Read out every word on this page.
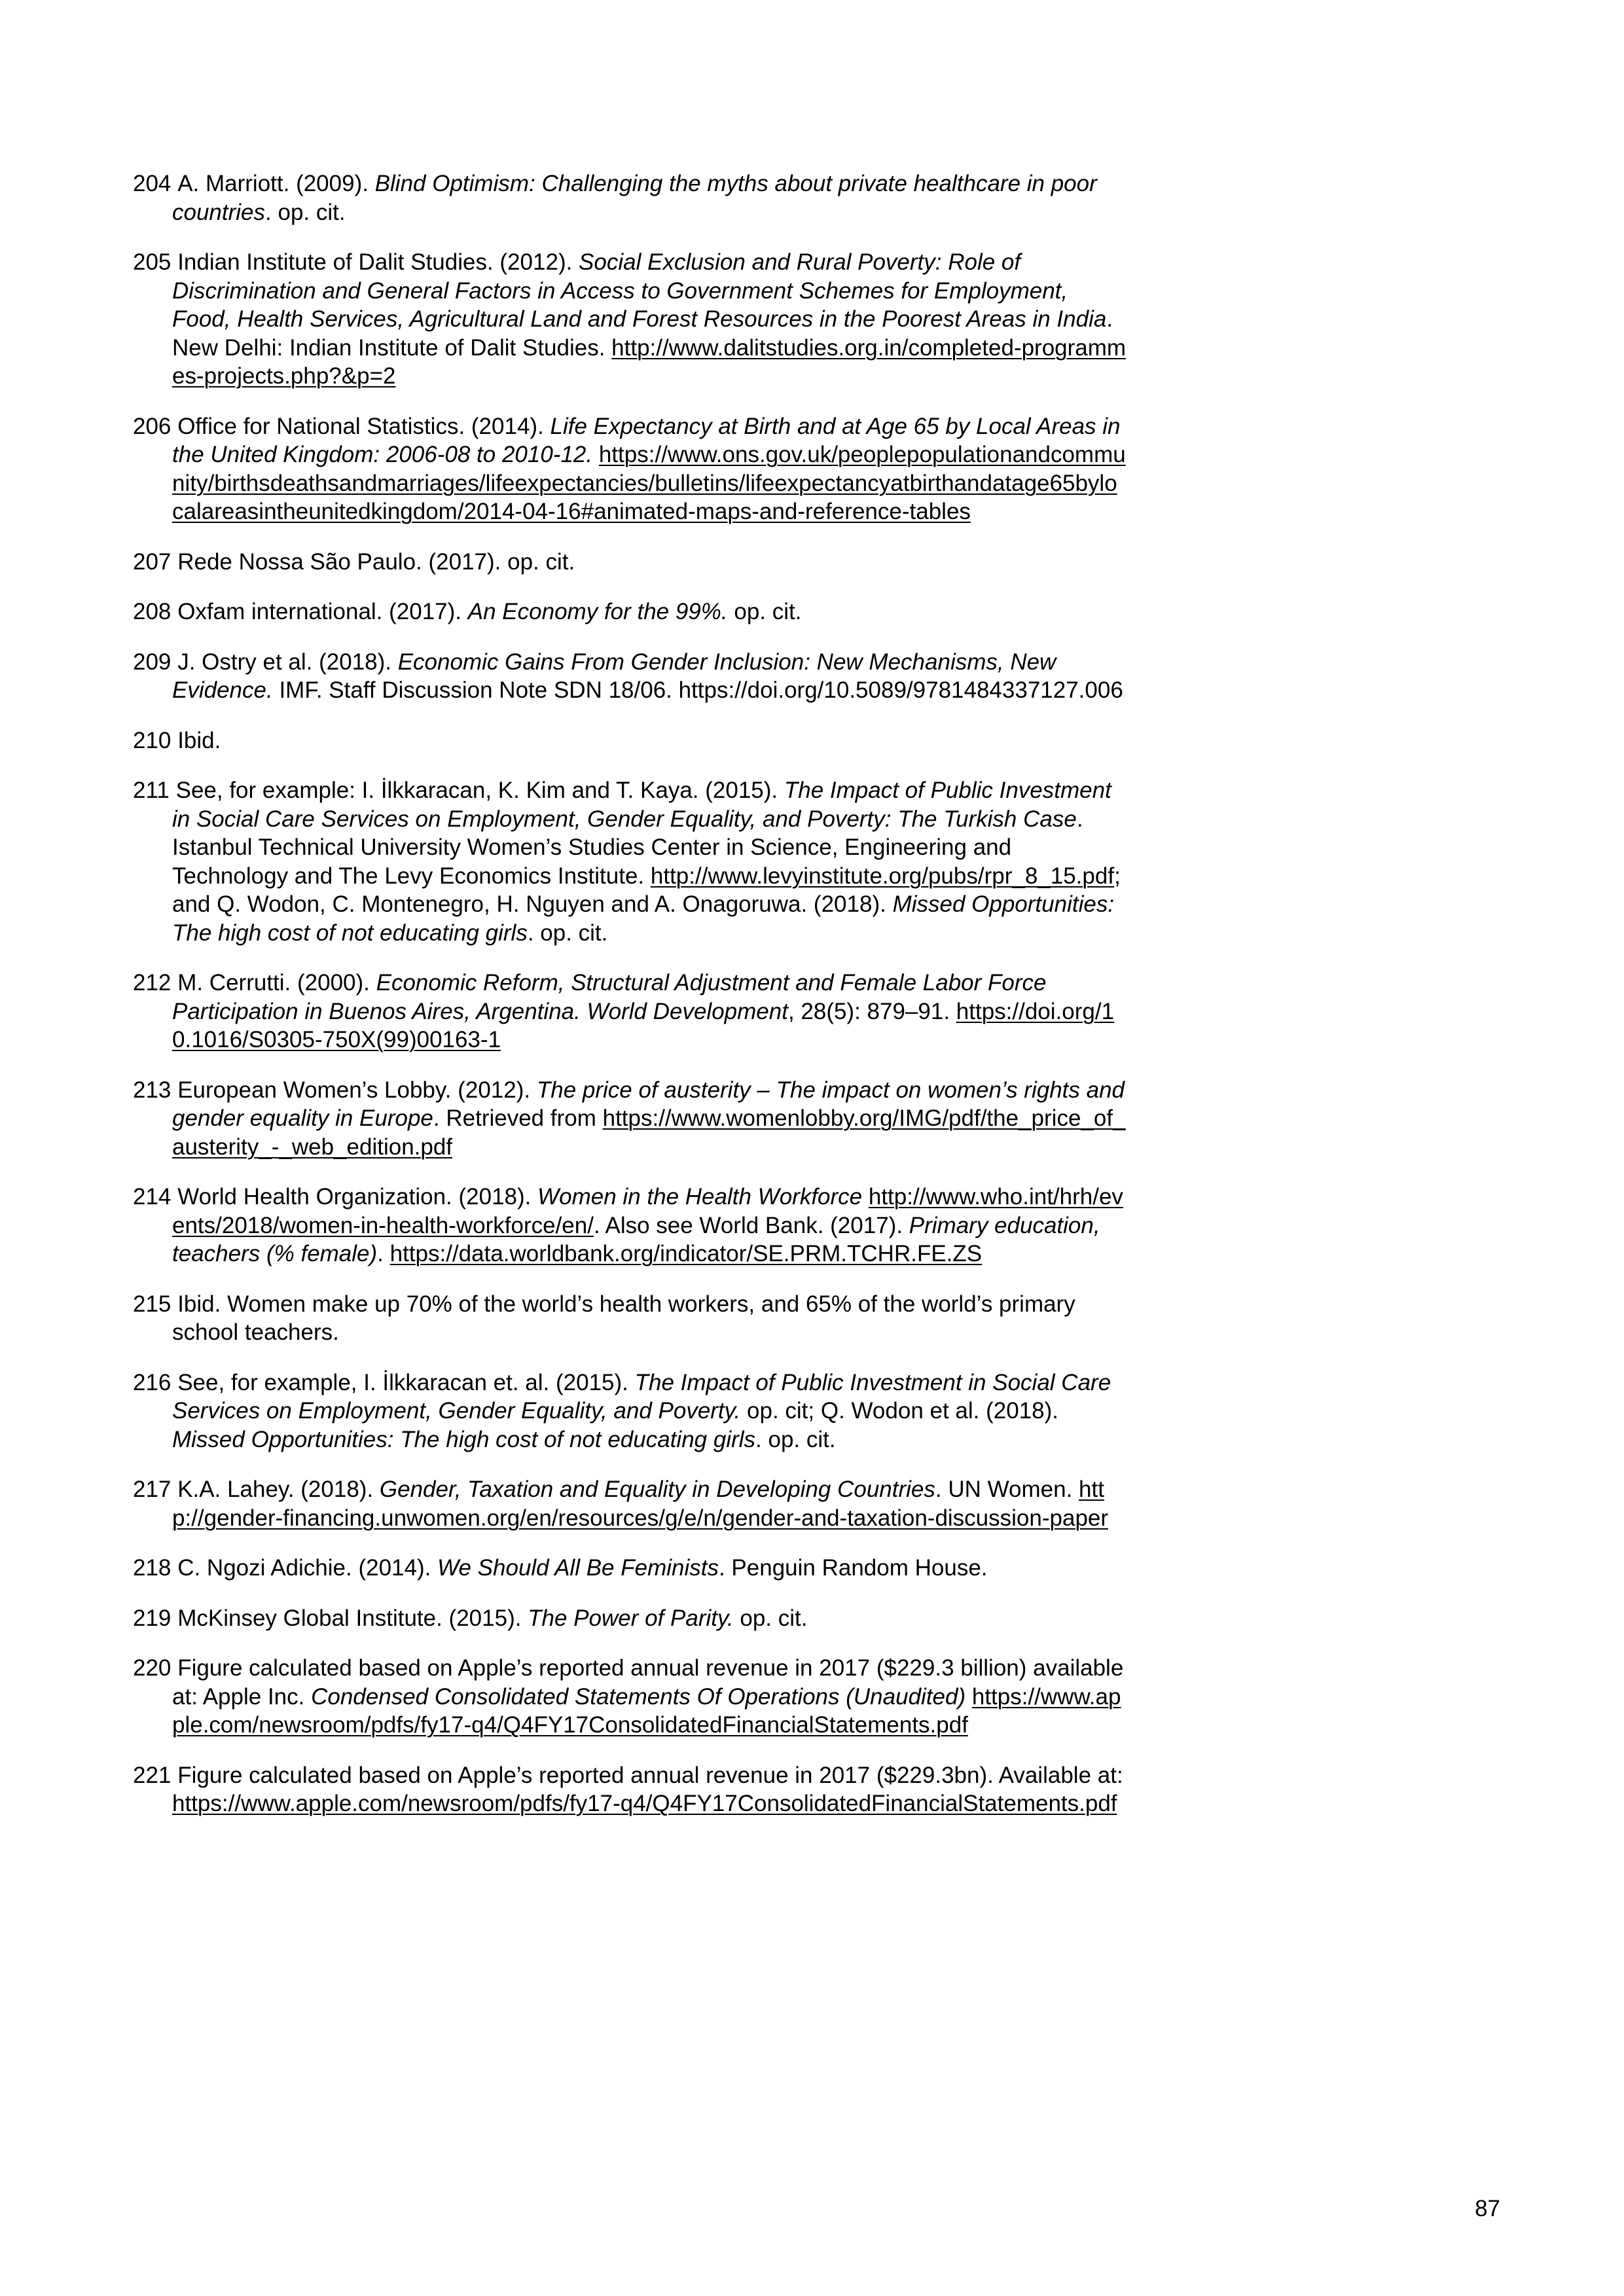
204 A. Marriott. (2009). Blind Optimism: Challenging the myths about private healthcare in poor countries. op. cit.

205 Indian Institute of Dalit Studies. (2012). Social Exclusion and Rural Poverty: Role of Discrimination and General Factors in Access to Government Schemes for Employment, Food, Health Services, Agricultural Land and Forest Resources in the Poorest Areas in India. New Delhi: Indian Institute of Dalit Studies. http://www.dalitstudies.org.in/completed-programmes-projects.php?&p=2

206 Office for National Statistics. (2014). Life Expectancy at Birth and at Age 65 by Local Areas in the United Kingdom: 2006-08 to 2010-12. https://www.ons.gov.uk/peoplepopulationandcommunity/birthsdeathsandmarriages/lifeexpectancies/bulletins/lifeexpectancyatbirthandatage65bylocalareasintheunitedkingdom/2014-04-16#animated-maps-and-reference-tables

207 Rede Nossa São Paulo. (2017). op. cit.

208 Oxfam international. (2017). An Economy for the 99%. op. cit.

209 J. Ostry et al. (2018). Economic Gains From Gender Inclusion: New Mechanisms, New Evidence. IMF. Staff Discussion Note SDN 18/06. https://doi.org/10.5089/9781484337127.006

210 Ibid.

211 See, for example: I. İlkkaracan, K. Kim and T. Kaya. (2015). The Impact of Public Investment in Social Care Services on Employment, Gender Equality, and Poverty: The Turkish Case. Istanbul Technical University Women’s Studies Center in Science, Engineering and Technology and The Levy Economics Institute. http://www.levyinstitute.org/pubs/rpr_8_15.pdf; and Q. Wodon, C. Montenegro, H. Nguyen and A. Onagoruwa. (2018). Missed Opportunities: The high cost of not educating girls. op. cit.

212 M. Cerrutti. (2000). Economic Reform, Structural Adjustment and Female Labor Force Participation in Buenos Aires, Argentina. World Development, 28(5): 879–91. https://doi.org/10.1016/S0305-750X(99)00163-1

213 European Women’s Lobby. (2012). The price of austerity – The impact on women’s rights and gender equality in Europe. Retrieved from https://www.womenlobby.org/IMG/pdf/the_price_of_austerity_-_web_edition.pdf

214 World Health Organization. (2018). Women in the Health Workforce http://www.who.int/hrh/events/2018/women-in-health-workforce/en/. Also see World Bank. (2017). Primary education, teachers (% female). https://data.worldbank.org/indicator/SE.PRM.TCHR.FE.ZS

215 Ibid. Women make up 70% of the world’s health workers, and 65% of the world’s primary school teachers.

216 See, for example, I. İlkkaracan et. al. (2015). The Impact of Public Investment in Social Care Services on Employment, Gender Equality, and Poverty. op. cit; Q. Wodon et al. (2018). Missed Opportunities: The high cost of not educating girls. op. cit.

217 K.A. Lahey. (2018). Gender, Taxation and Equality in Developing Countries. UN Women. http://gender-financing.unwomen.org/en/resources/g/e/n/gender-and-taxation-discussion-paper

218 C. Ngozi Adichie. (2014). We Should All Be Feminists. Penguin Random House.

219 McKinsey Global Institute. (2015). The Power of Parity. op. cit.

220 Figure calculated based on Apple’s reported annual revenue in 2017 ($229.3 billion) available at: Apple Inc. Condensed Consolidated Statements Of Operations (Unaudited) https://www.apple.com/newsroom/pdfs/fy17-q4/Q4FY17ConsolidatedFinancialStatements.pdf

221 Figure calculated based on Apple’s reported annual revenue in 2017 ($229.3bn). Available at: https://www.apple.com/newsroom/pdfs/fy17-q4/Q4FY17ConsolidatedFinancialStatements.pdf

87
